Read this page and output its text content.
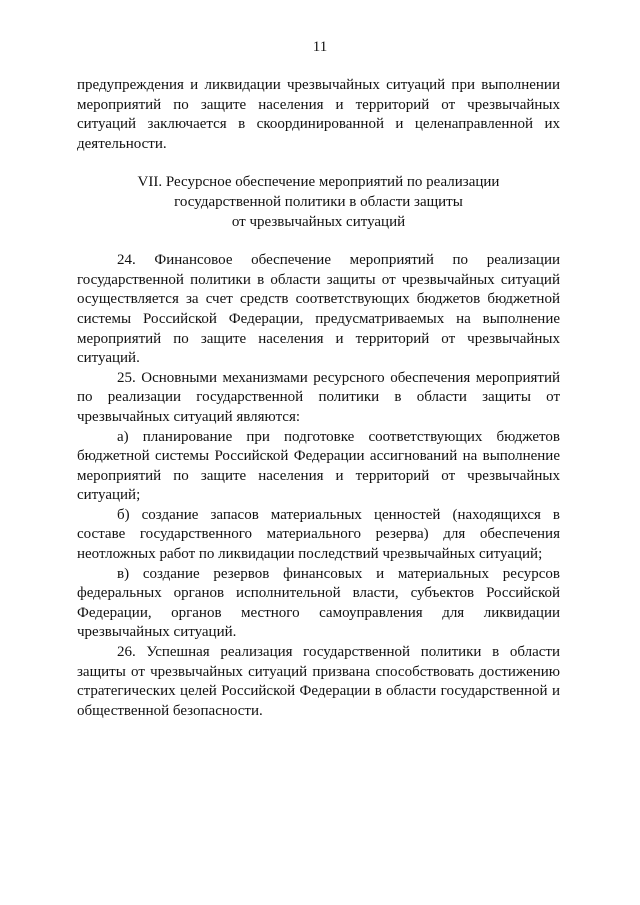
11

предупреждения и ликвидации чрезвычайных ситуаций при выполнении мероприятий по защите населения и территорий от чрезвычайных ситуаций заключается в скоординированной и целенаправленной их деятельности.

VII. Ресурсное обеспечение мероприятий по реализации
государственной политики в области защиты
от чрезвычайных ситуаций

24. Финансовое обеспечение мероприятий по реализации государственной политики в области защиты от чрезвычайных ситуаций осуществляется за счет средств соответствующих бюджетов бюджетной системы Российской Федерации, предусматриваемых на выполнение мероприятий по защите населения и территорий от чрезвычайных ситуаций.

25. Основными механизмами ресурсного обеспечения мероприятий по реализации государственной политики в области защиты от чрезвычайных ситуаций являются:

а) планирование при подготовке соответствующих бюджетов бюджетной системы Российской Федерации ассигнований на выполнение мероприятий по защите населения и территорий от чрезвычайных ситуаций;

б) создание запасов материальных ценностей (находящихся в составе государственного материального резерва) для обеспечения неотложных работ по ликвидации последствий чрезвычайных ситуаций;

в) создание резервов финансовых и материальных ресурсов федеральных органов исполнительной власти, субъектов Российской Федерации, органов местного самоуправления для ликвидации чрезвычайных ситуаций.

26. Успешная реализация государственной политики в области защиты от чрезвычайных ситуаций призвана способствовать достижению стратегических целей Российской Федерации в области государственной и общественной безопасности.
